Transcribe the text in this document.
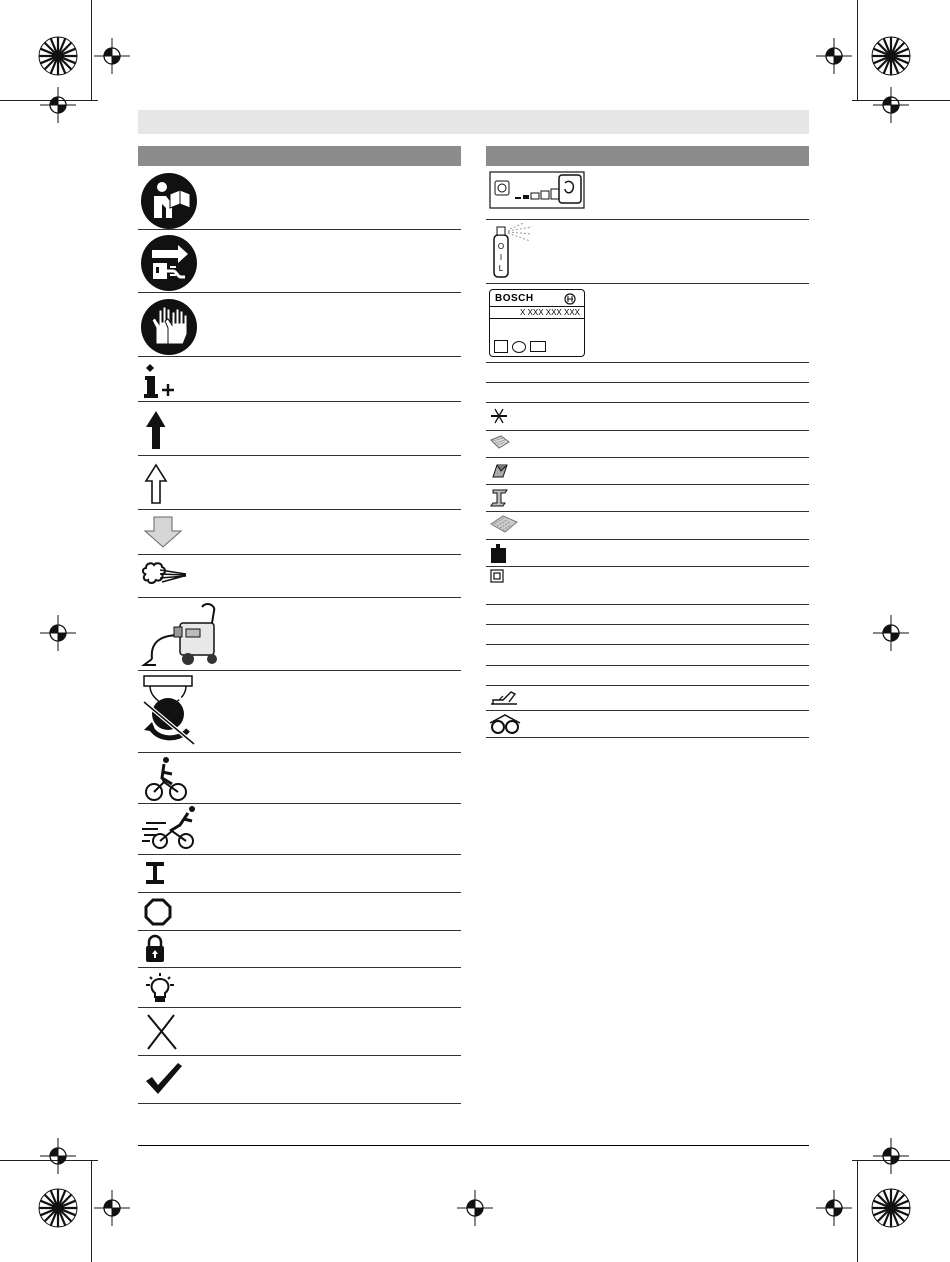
O
I
L
BOSCH
X XXX XXX XXX
